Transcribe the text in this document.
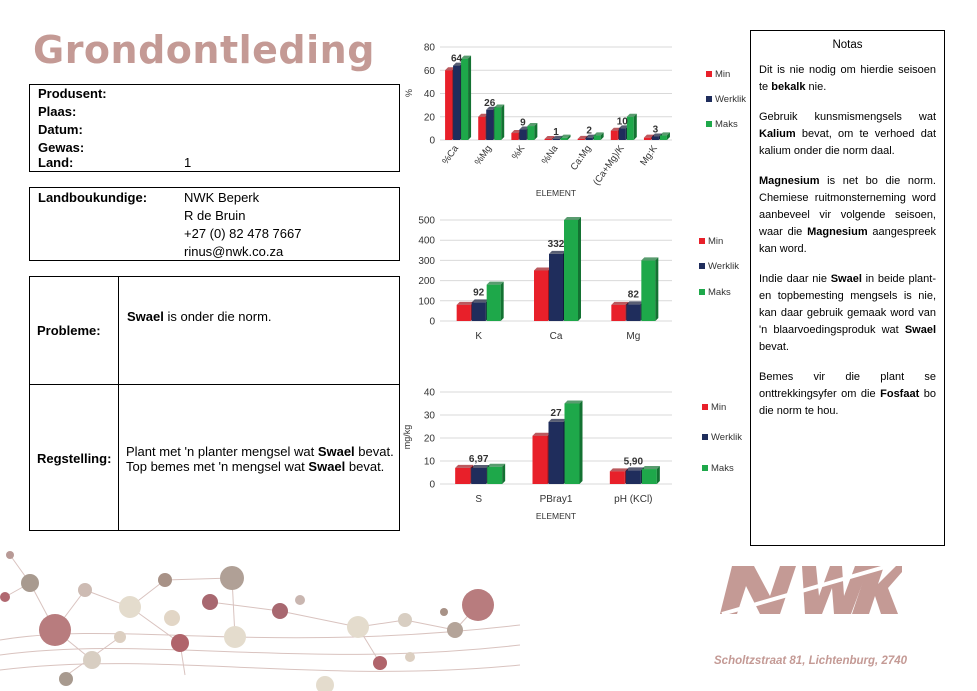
Grondontleding
Produsent:
Plaas:
Datum:
Gewas:
Land:	1
Landboukundige:	NWK Beperk
R de Bruin
+27 (0) 82 478 7667
rinus@nwk.co.za
Probleme:
Swael is onder die norm.
Regstelling: Plant met 'n planter mengsel wat Swael bevat.
Top bemes met 'n mengsel wat Swael bevat.
Notas

Dit is nie nodig om hierdie seisoen te bekalk nie.

Gebruik kunsmismengsels wat Kalium bevat, om te verhoed dat kalium onder die norm daal.

Magnesium is net bo die norm. Chemiese ruitmonsterneming word aanbeveel vir volgende seisoen, waar die Magnesium aangespreek kan word.

Indie daar nie Swael in beide plant-en topbemesting mengsels is nie, kan daar gebruik gemaak word van 'n blaarvoedingsproduk wat Swael bevat.

Bemes vir die plant se onttrekkingsyfer om die Fosfaat bo die norm te hou.

80
60
40
20
0
64
%Ca
26
%Mg
9
%K
1
%Na
2
Ca:Mg
10
(Ca+Mg)/K
3
Mg:K
ELEMENT
%
Min
Werklik
Maks
500
400
300
200
100
0
92
K
332
Ca
82
Mg
Min
Werklik
Maks
40
30
20
10
0
6,97
S
27
PBray1
5,90
pH (KCl)
ELEMENT
mg/kg
Min
Werklik
Maks
Scholtzstraat 81, Lichtenburg, 2740
